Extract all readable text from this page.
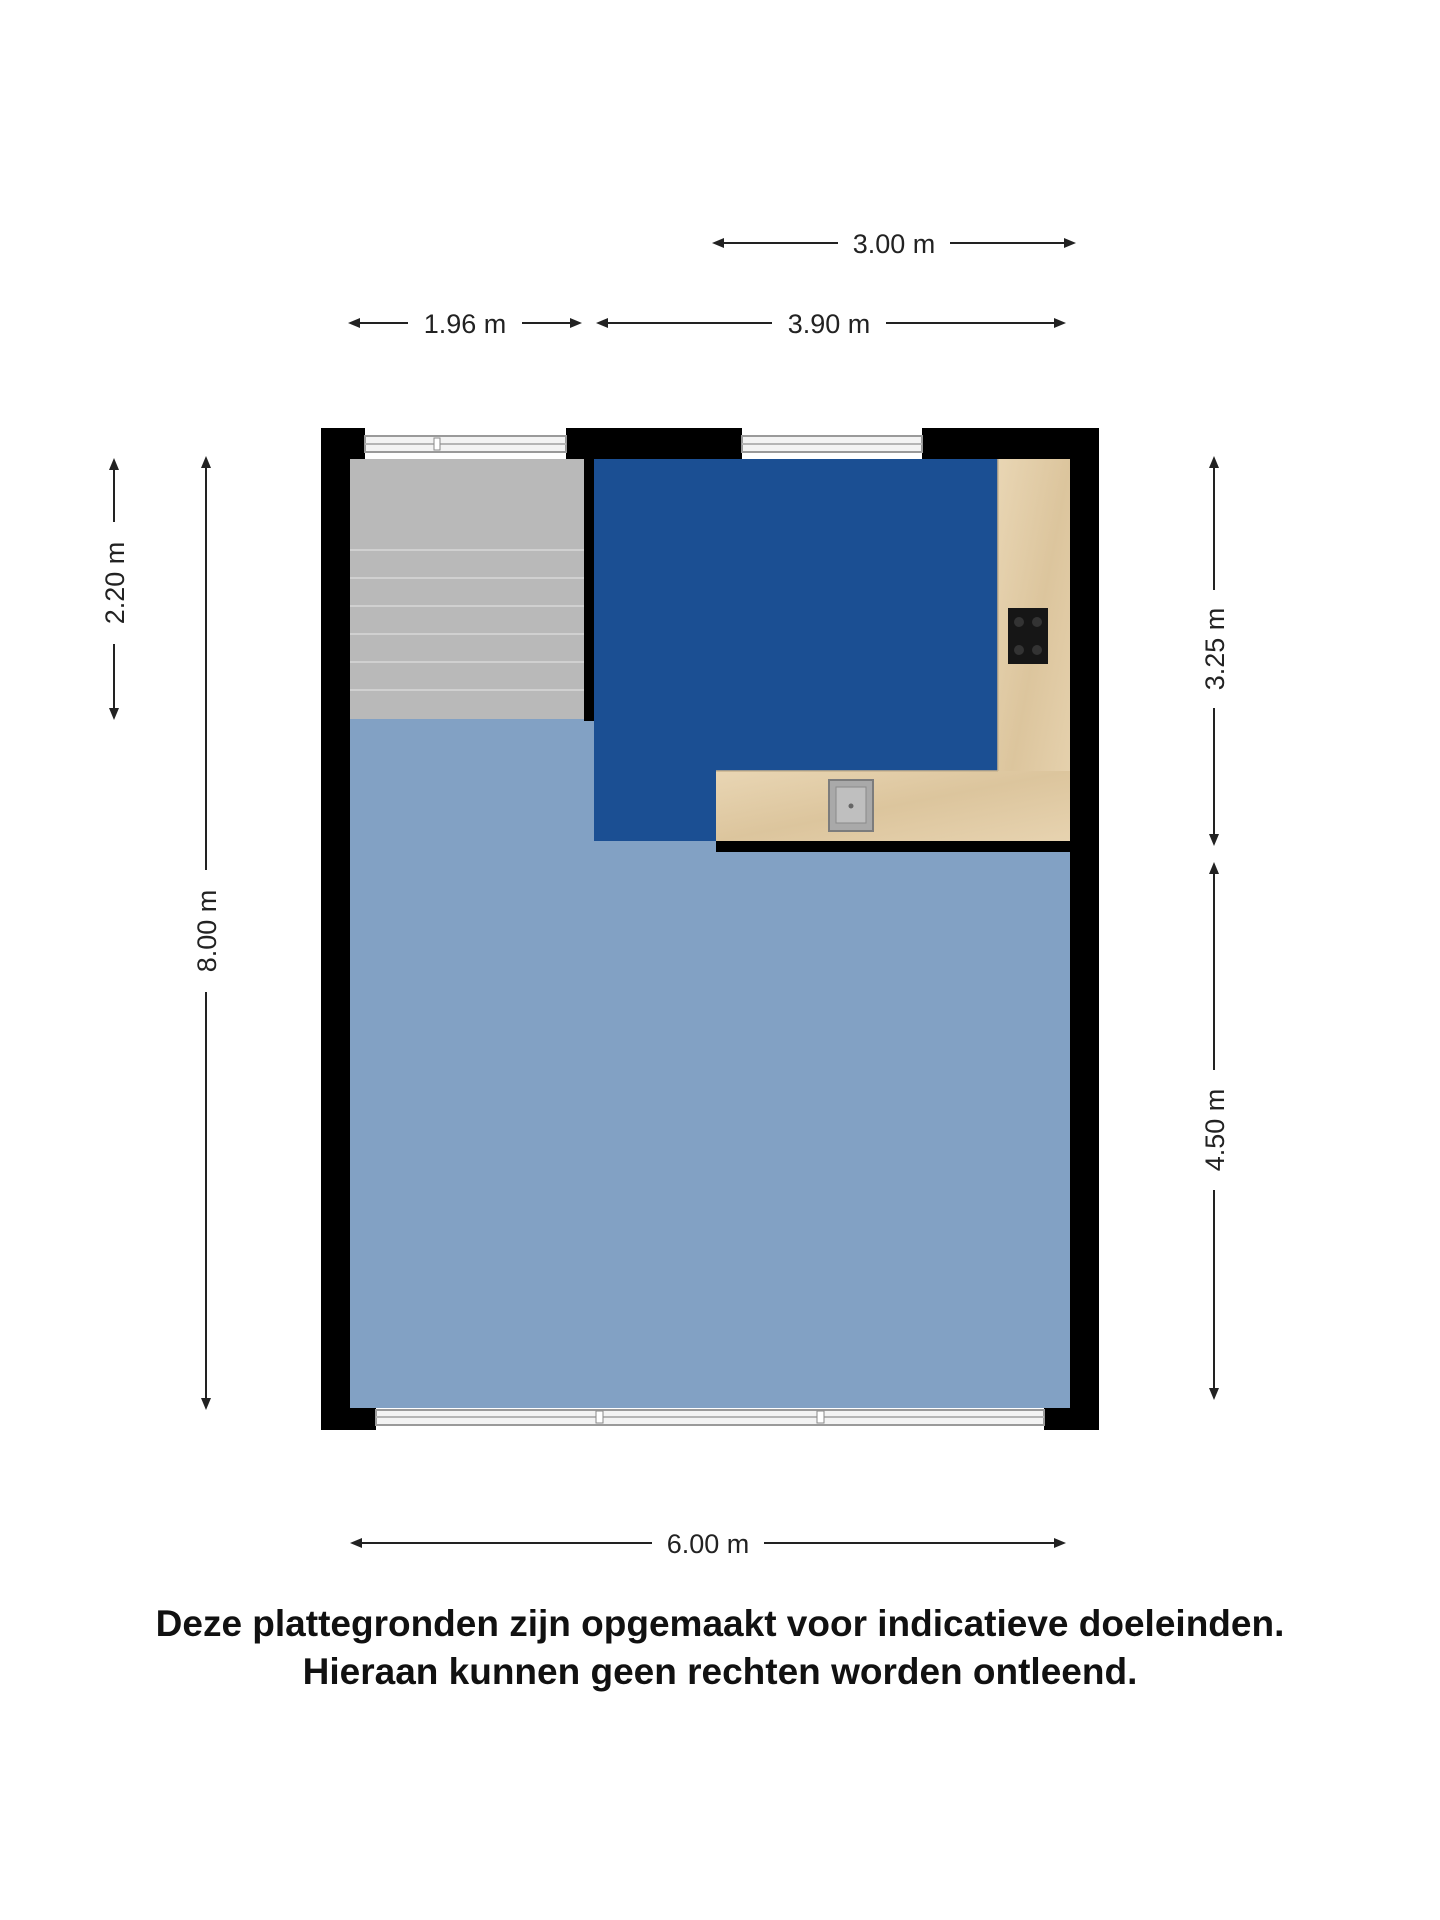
3.00 m
1.96 m	3.90 m
6.00 m
2.20 m
8.00 m
3.25 m
4.50 m
Deze plattegronden zijn opgemaakt voor indicatieve doeleinden.
Hieraan kunnen geen rechten worden ontleend.
